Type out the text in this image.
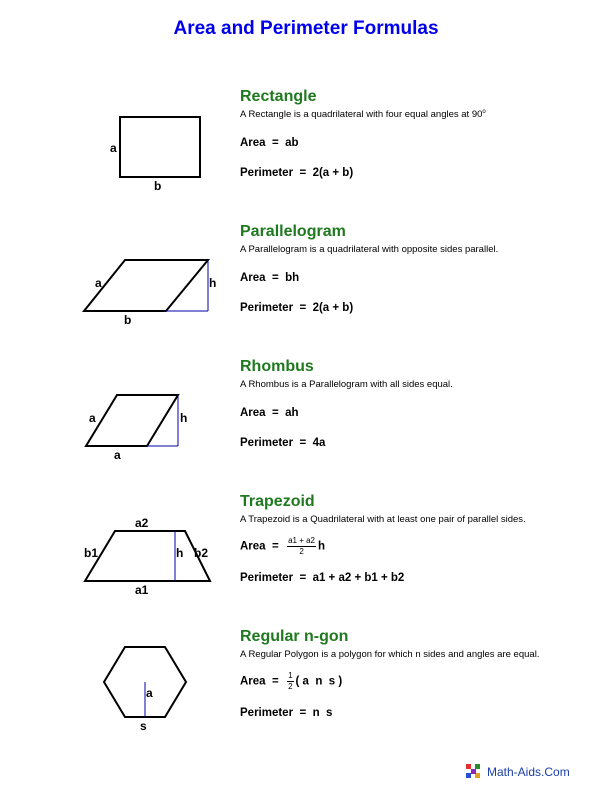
Area and Perimeter Formulas
a
b
a	h
b
a	h
a
a2
b1	h b2
a1
a
s
Rectangle
A Rectangle is a quadrilateral with four equal angles at 90$^o$
Area  =  ab
Perimeter  =  2(a + b)
Parallelogram
A Parallelogram is a quadrilateral with opposite sides parallel.
Area  =  bh
Perimeter  =  2(a + b)
Rhombus
A Rhombus is a Parallelogram with all sides equal.
Area  =  ah
Perimeter  =  4a
Trapezoid
A Trapezoid is a Quadrilateral with at least one pair of parallel sides.
Area  = $\frac{a1 + a2}{2}$ h
Perimeter  =  a1 + a2 + b1 + b2
Regular n-gon
A Regular Polygon is a polygon for which n sides and angles are equal.
Area  = $\frac{1}{2}$ ( a  n  s )
Perimeter  =  n  s
Math-Aids.Com
